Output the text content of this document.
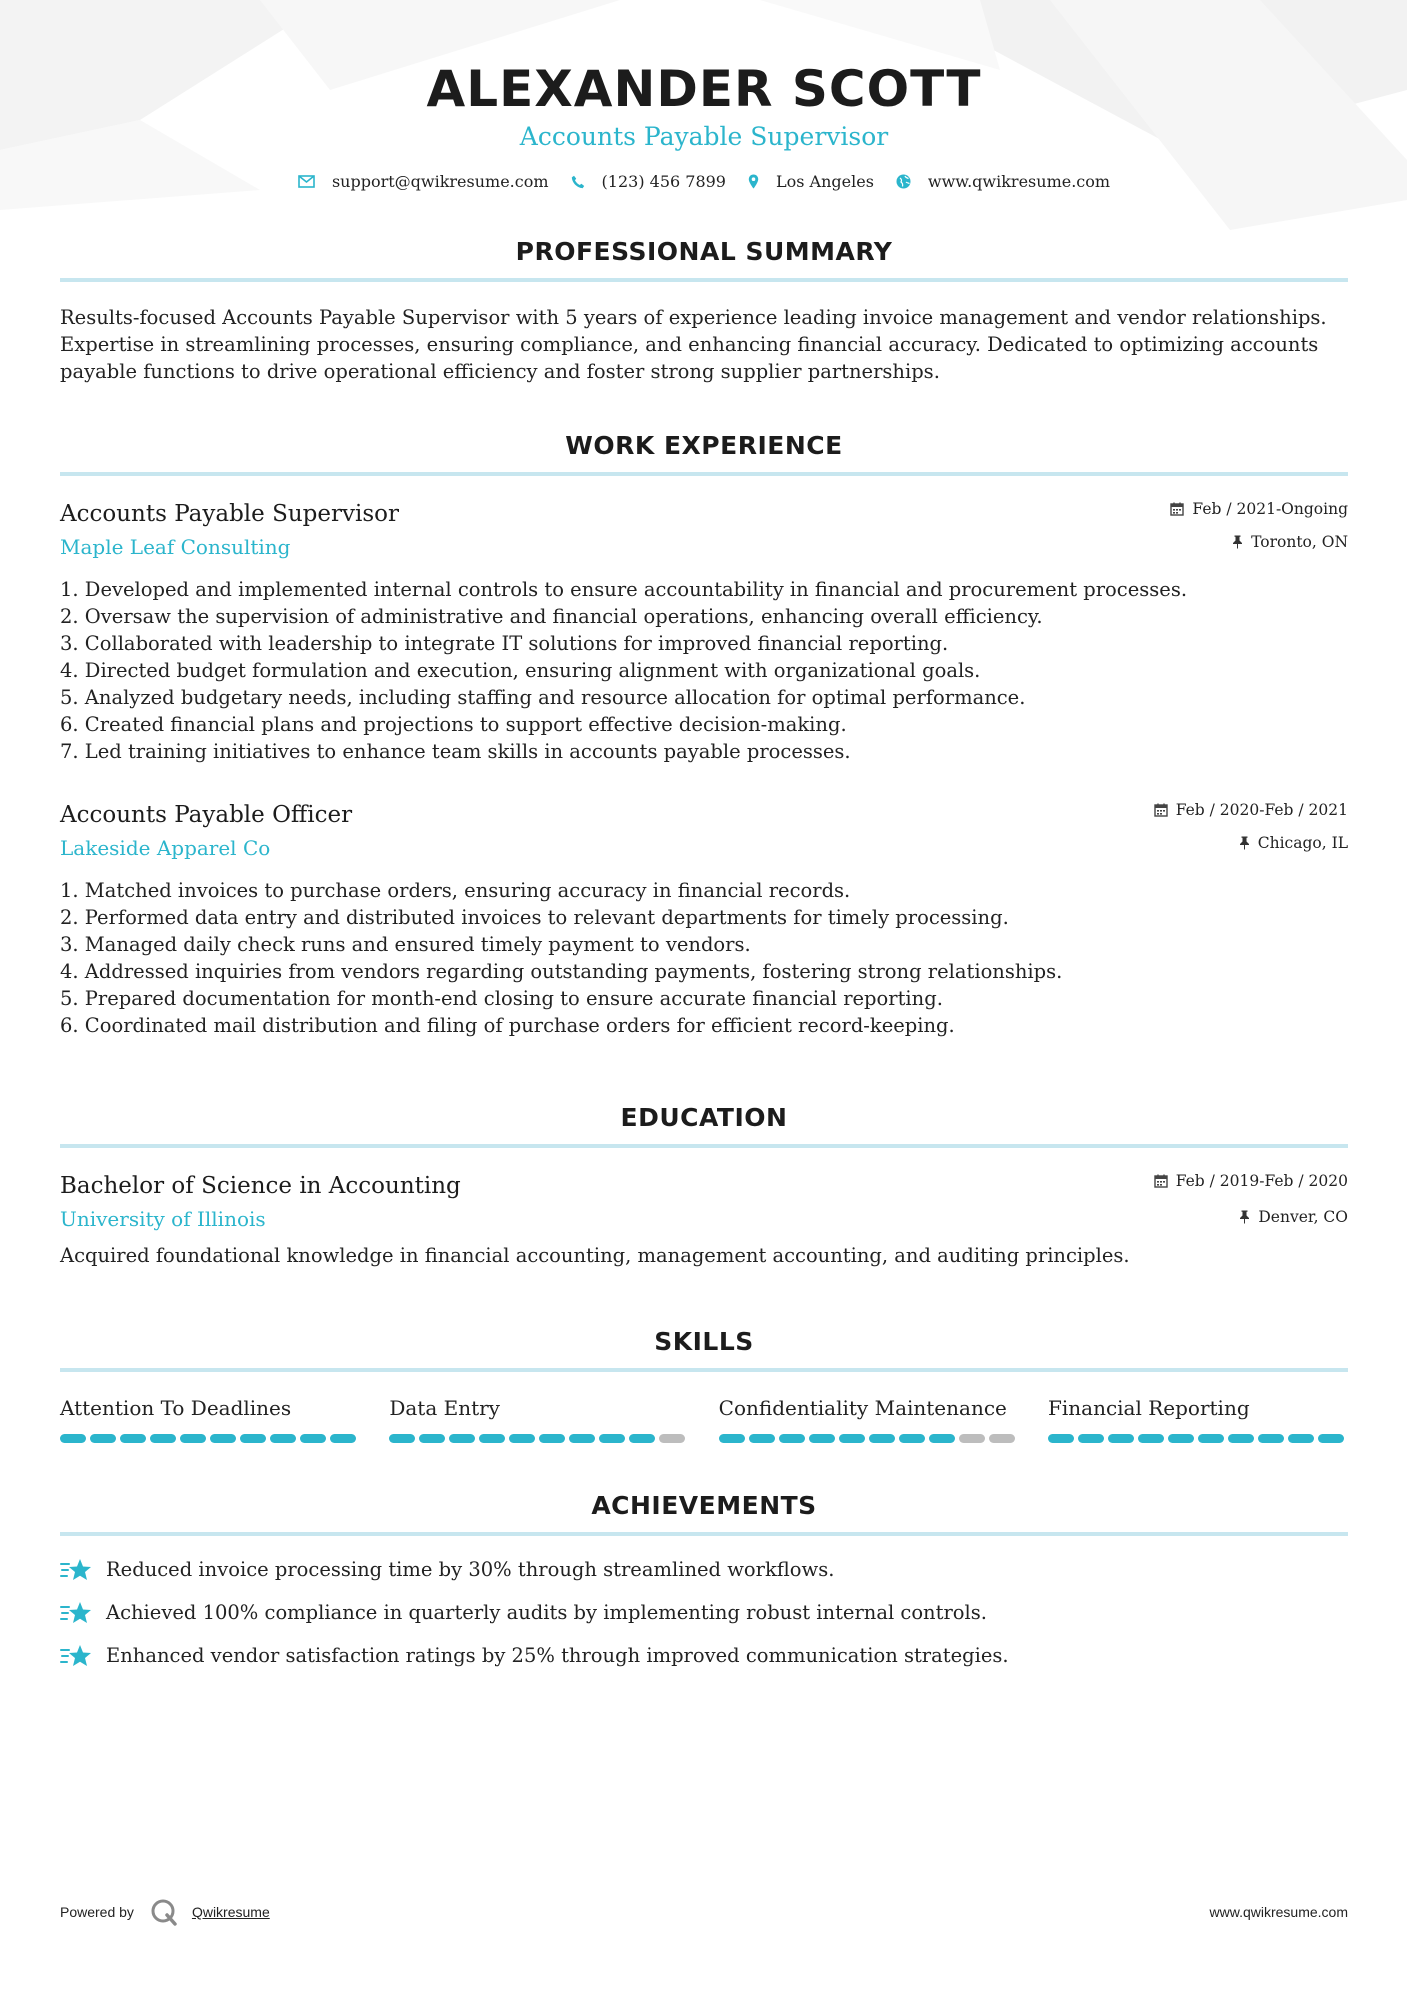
ALEXANDER SCOTT
Accounts Payable Supervisor
support@qwikresume.com	(123) 456 7899	Los Angeles	www.qwikresume.com
PROFESSIONAL SUMMARY
Results-focused Accounts Payable Supervisor with 5 years of experience leading invoice management and vendor relationships. Expertise in streamlining processes, ensuring compliance, and enhancing financial accuracy. Dedicated to optimizing accounts payable functions to drive operational efficiency and foster strong supplier partnerships.
WORK EXPERIENCE
Accounts Payable Supervisor
Maple Leaf Consulting
Feb / 2021-Ongoing
Toronto, ON
1. Developed and implemented internal controls to ensure accountability in financial and procurement processes.
2. Oversaw the supervision of administrative and financial operations, enhancing overall efficiency.
3. Collaborated with leadership to integrate IT solutions for improved financial reporting.
4. Directed budget formulation and execution, ensuring alignment with organizational goals.
5. Analyzed budgetary needs, including staffing and resource allocation for optimal performance.
6. Created financial plans and projections to support effective decision-making.
7. Led training initiatives to enhance team skills in accounts payable processes.
Accounts Payable Officer
Lakeside Apparel Co
Feb / 2020-Feb / 2021
Chicago, IL
1. Matched invoices to purchase orders, ensuring accuracy in financial records.
2. Performed data entry and distributed invoices to relevant departments for timely processing.
3. Managed daily check runs and ensured timely payment to vendors.
4. Addressed inquiries from vendors regarding outstanding payments, fostering strong relationships.
5. Prepared documentation for month-end closing to ensure accurate financial reporting.
6. Coordinated mail distribution and filing of purchase orders for efficient record-keeping.
EDUCATION
Bachelor of Science in Accounting
University of Illinois
Feb / 2019-Feb / 2020
Denver, CO
Acquired foundational knowledge in financial accounting, management accounting, and auditing principles.
SKILLS
Attention To Deadlines	Data Entry	Confidentiality Maintenance	Financial Reporting
ACHIEVEMENTS
Reduced invoice processing time by 30% through streamlined workflows.
Achieved 100% compliance in quarterly audits by implementing robust internal controls.
Enhanced vendor satisfaction ratings by 25% through improved communication strategies.
Powered by	Qwikresume	www.qwikresume.com
